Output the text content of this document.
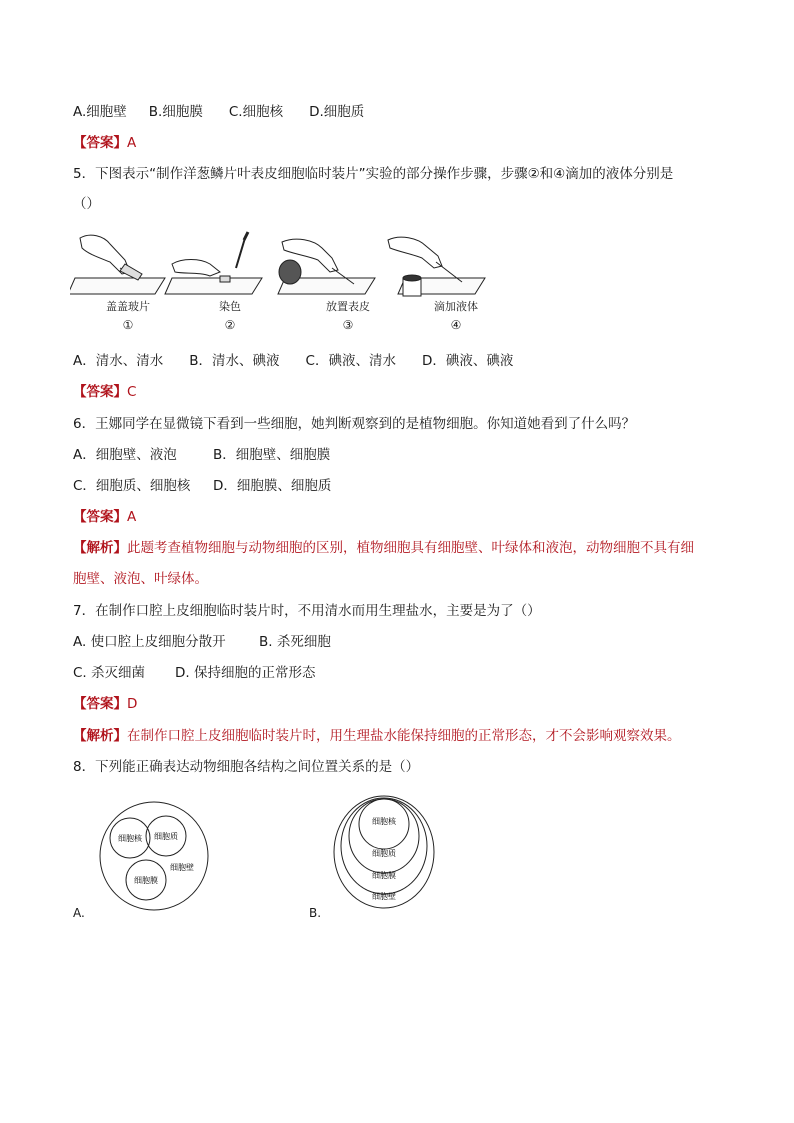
A.细胞壁 B.细胞膜 C.细胞核 D.细胞质
【答案】A
5．下图表示“制作洋葱鳞片叶表皮细胞临时装片”实验的部分操作步骤，步骤②和④滴加的液体分别是
（）
盖盖玻片
①
染色
②
放置表皮
③
滴加液体
④
A．清水、清水 B．清水、碘液 C．碘液、清水 D．碘液、碘液
【答案】C
6．王娜同学在显微镜下看到一些细胞，她判断观察到的是植物细胞。你知道她看到了什么吗？
A．细胞壁、液泡	B．细胞壁、细胞膜
C．细胞质、细胞核 D．细胞膜、细胞质
【答案】A
【解析】此题考查植物细胞与动物细胞的区别，植物细胞具有细胞壁、叶绿体和液泡，动物细胞不具有细
胞壁、液泡、叶绿体。
7．在制作口腔上皮细胞临时装片时，不用清水而用生理盐水，主要是为了（）
A. 使口腔上皮细胞分散开 B. 杀死细胞
C. 杀灭细菌 D. 保持细胞的正常形态
【答案】D
【解析】在制作口腔上皮细胞临时装片时，用生理盐水能保持细胞的正常形态，才不会影响观察效果。
8．下列能正确表达动物细胞各结构之间位置关系的是（）
细胞核 细胞质
细胞壁
细胞膜
A.
细胞核
细胞质
细胞膜
细胞壁
B.
